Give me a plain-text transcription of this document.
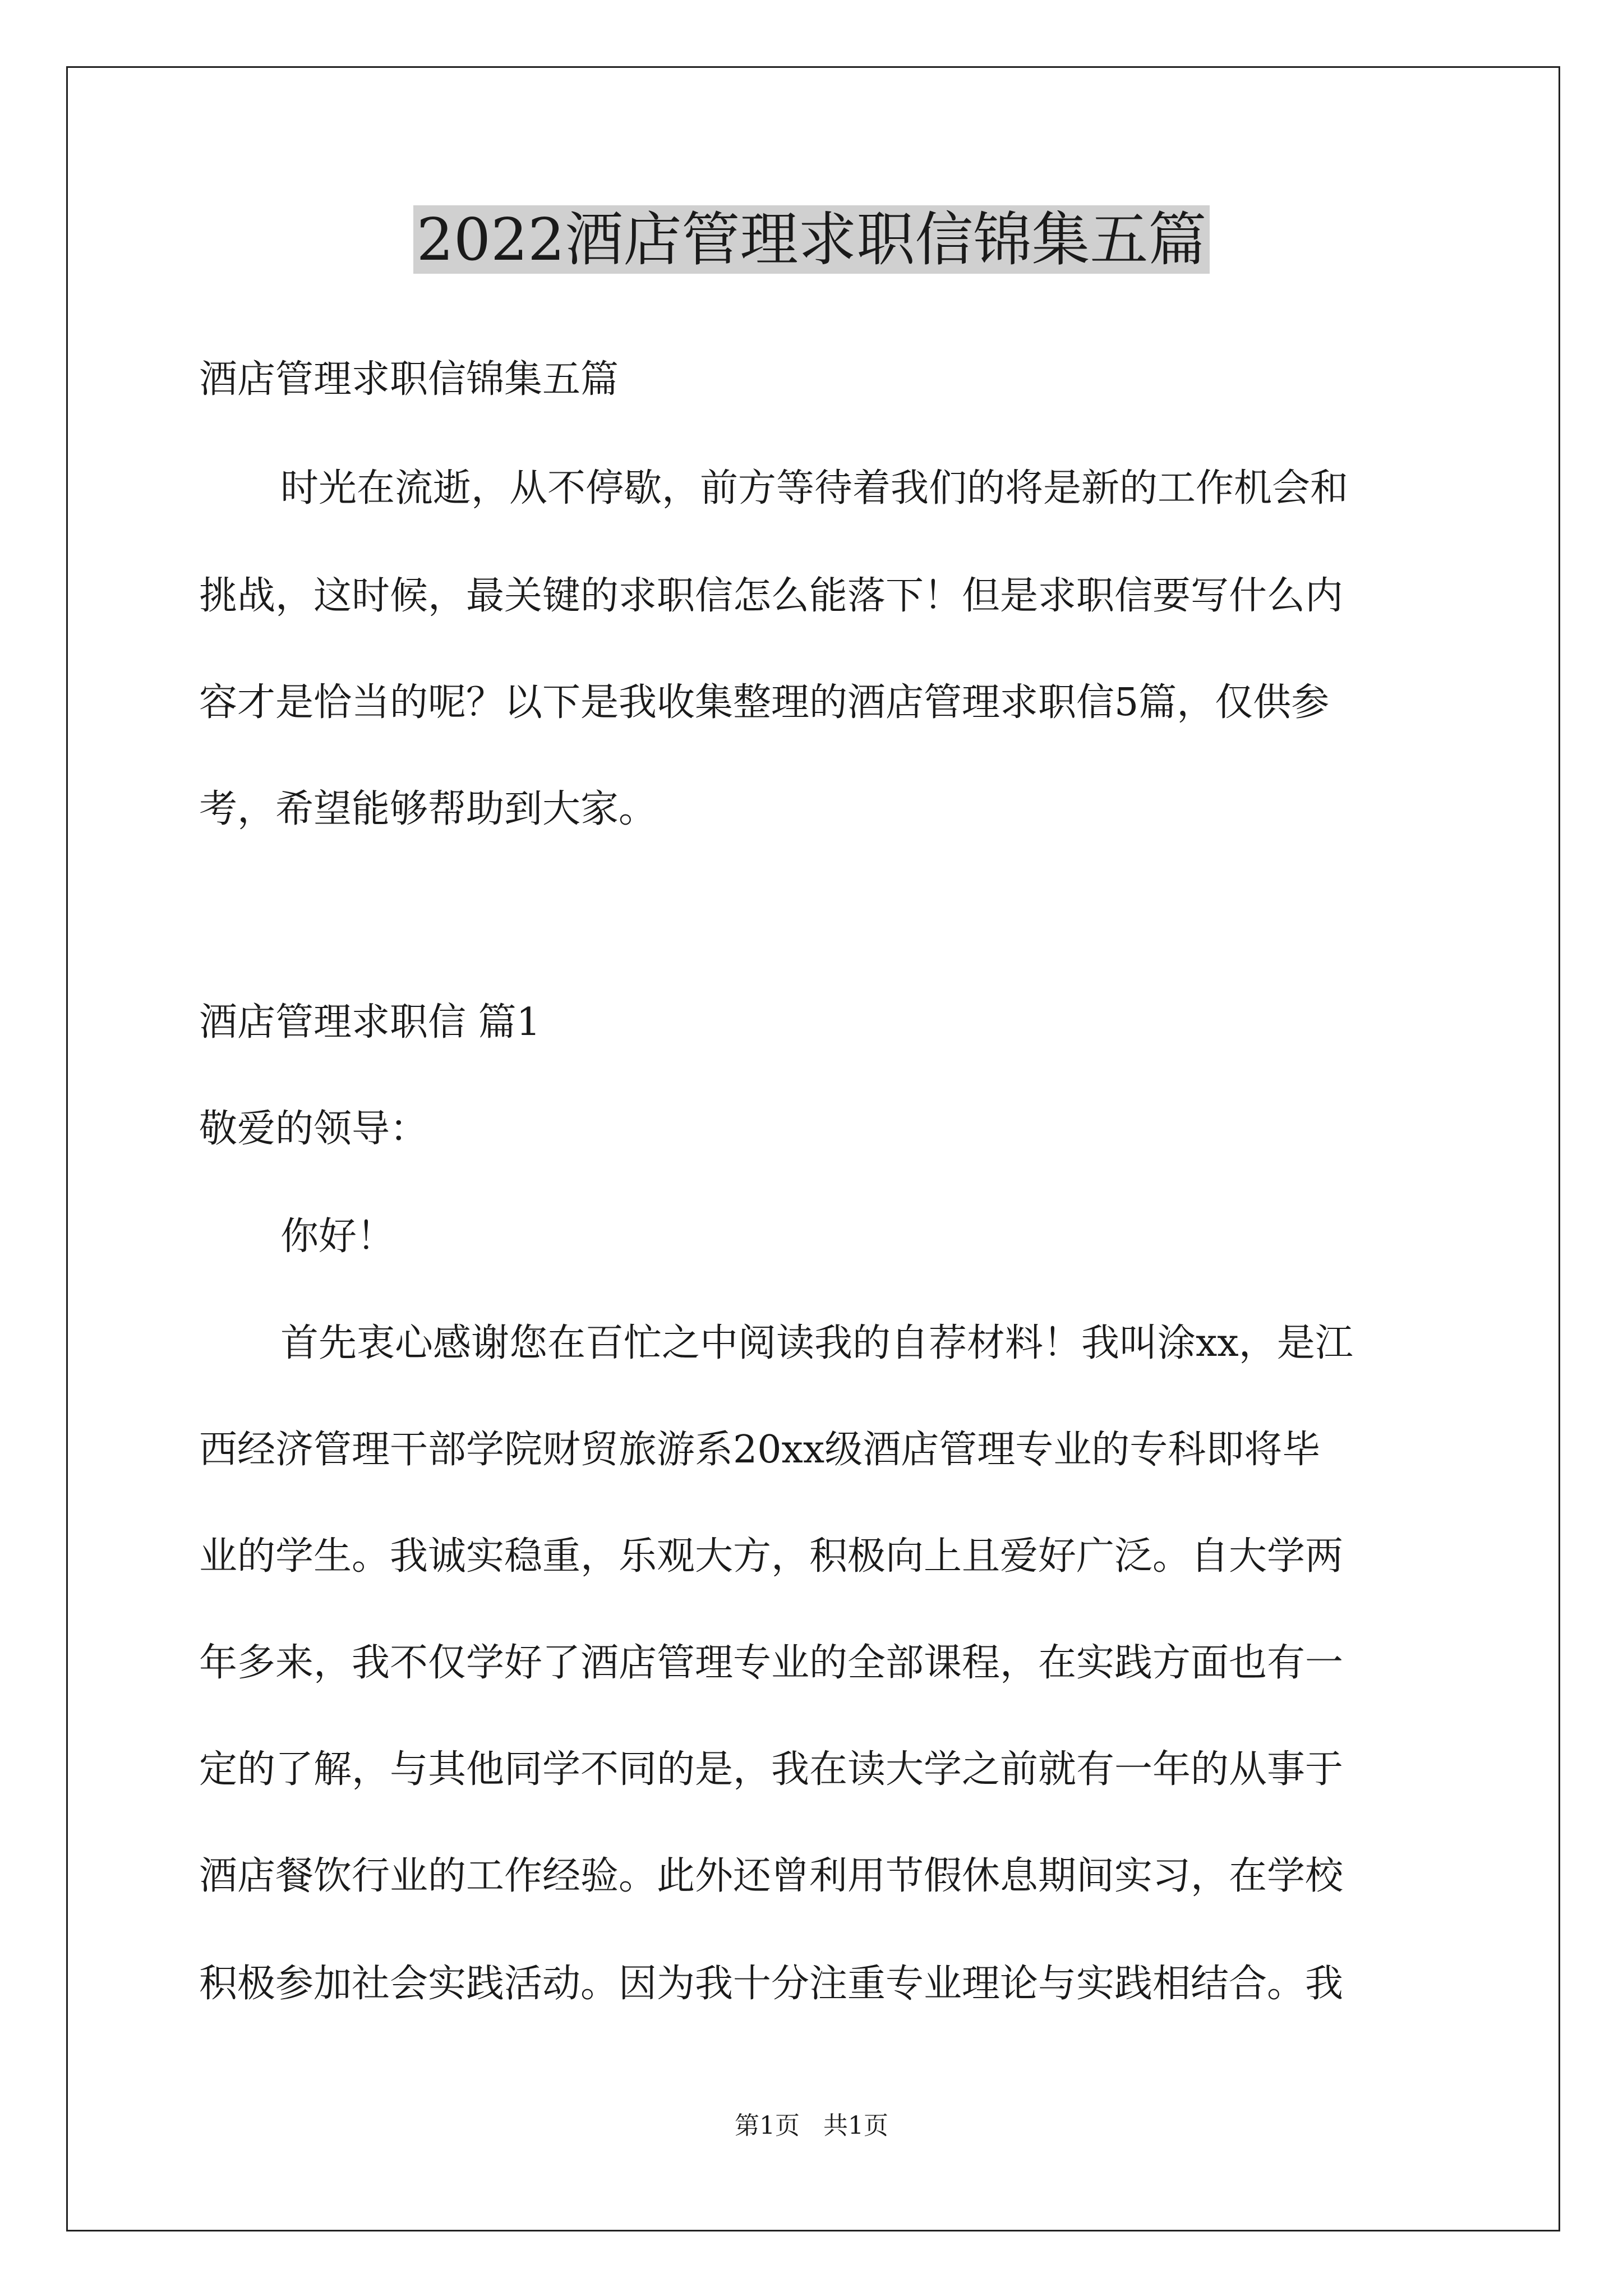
2022酒店管理求职信锦集五篇

酒店管理求职信锦集五篇

时光在流逝，从不停歇，前方等待着我们的将是新的工作机会和

挑战，这时候，最关键的求职信怎么能落下！但是求职信要写什么内

容才是恰当的呢？以下是我收集整理的酒店管理求职信5篇，仅供参

考，希望能够帮助到大家。

酒店管理求职信 篇1

敬爱的领导：

你好！

首先衷心感谢您在百忙之中阅读我的自荐材料！我叫涂xx，是江

西经济管理干部学院财贸旅游系20xx级酒店管理专业的专科即将毕

业的学生。我诚实稳重，乐观大方，积极向上且爱好广泛。自大学两

年多来，我不仅学好了酒店管理专业的全部课程，在实践方面也有一

定的了解，与其他同学不同的是，我在读大学之前就有一年的从事于

酒店餐饮行业的工作经验。此外还曾利用节假休息期间实习，在学校

积极参加社会实践活动。因为我十分注重专业理论与实践相结合。我

第1页   共1页
